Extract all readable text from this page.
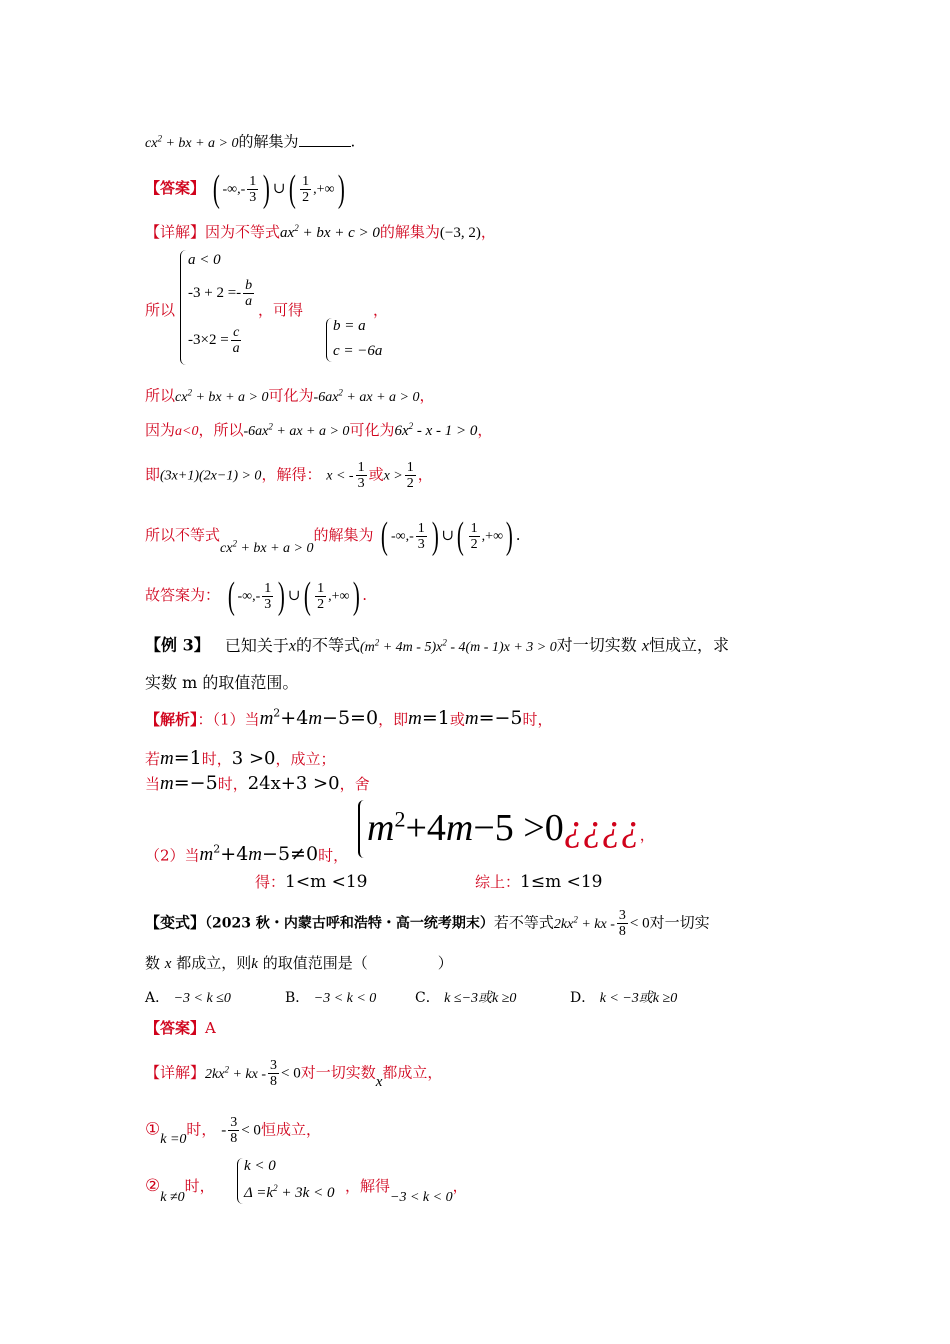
$cx^2$ + bx + a > 0的解集为	.
【答案】 ( -∞,- $\frac{1}{3}$ ) ∪( $\frac{1}{2}$ ,+∞)
【详解】因为不等式$ax^2$ + bx + c > 0的解集为(−3, 2)，
所以
a < 0
$-3 + 2 =- \frac{b}{a}$
$-3\times 2 = \frac{c}{a}$
，可得	，
b = a
c = −6a
所以$cx^2$ + bx + a > 0可化为$-6ax^2$ + ax + a > 0，
因为a<0，所以$-6ax^2$ + ax + a > 0可化为$6x^2 - x - 1 > 0$，
即(3x+1)(2x−1) > 0，解得： x < - $\frac{1}{3}$ 或$x > \frac{1}{2}$ ，
所以不等式$cx^2$ + bx + a > 0的解集为 ( -∞,- $\frac{1}{3}$ ) ∪( $\frac{1}{2}$ ,+∞) .
故答案为： ( -∞,- $\frac{1}{3}$ ) ∪( $\frac{1}{2}$ ,+∞) .
【例 3】 已知关于x的不等式$(m^2 + 4m - 5)x^2 - 4(m - 1)x + 3 > 0$对一切实数 x恒成立，求
实数 m 的取值范围。
【解析】：（1）当$m^2+4m-5=0$，即m=1或m=−5时，
若m=1时，3 >0，成立；
当m=−5时，24x+3 >0，舍
（2）当$m^2+4m-5\ne 0$时，
$m^2+4m-5$ >0¿¿¿¿，
得：1<m <19	综上：1≤m <19
【变式】（2023 秋・内蒙古呼和浩特・高一统考期末）若不等式$2kx^2$ + kx - $\frac{3}{8} < 0$对一切实
数 x 都成立，则k 的取值范围是（	）
A． −3 < k ≤0	B． −3 < k < 0	C． k ≤−3或k ≥0	D． k < −3或k ≥0
【答案】A
【详解】$2kx^2$ + kx - $\frac{3}{8} < 0$对一切实数x都成立，
①k =0时， - $\frac{3}{8} < 0$恒成立，
②k ≠0时，
k < 0
$\Delta =k^2 + 3k < 0$ ，解得−3 < k < 0，
